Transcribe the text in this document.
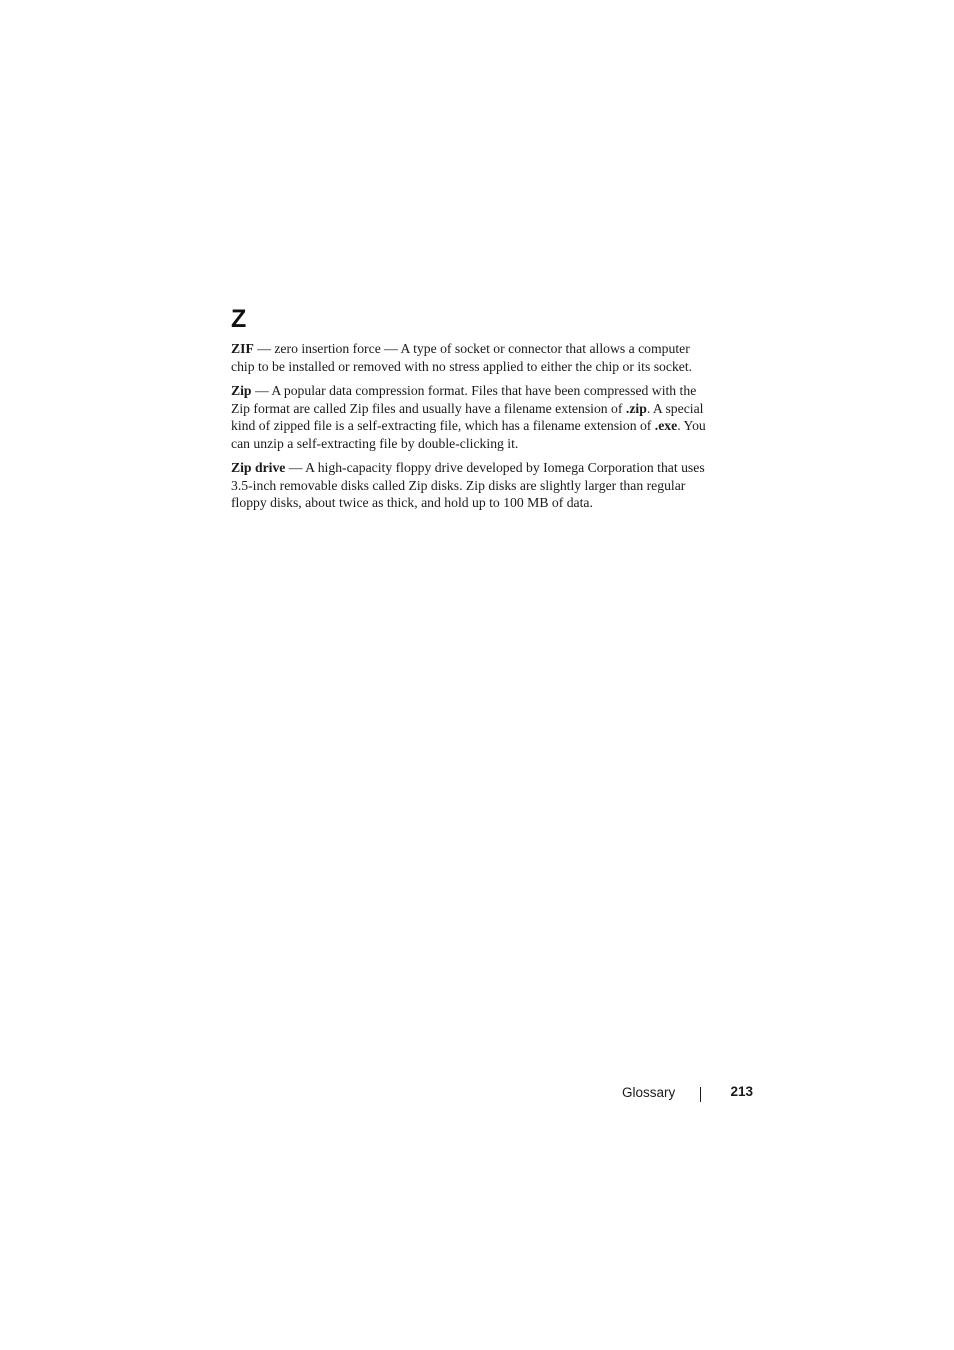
Z

ZIF — zero insertion force — A type of socket or connector that allows a computer
chip to be installed or removed with no stress applied to either the chip or its socket.

Zip — A popular data compression format. Files that have been compressed with the
Zip format are called Zip files and usually have a filename extension of .zip. A special
kind of zipped file is a self-extracting file, which has a filename extension of .exe. You
can unzip a self-extracting file by double-clicking it.

Zip drive — A high-capacity floppy drive developed by Iomega Corporation that uses
3.5-inch removable disks called Zip disks. Zip disks are slightly larger than regular
floppy disks, about twice as thick, and hold up to 100 MB of data.

Glossary	213
